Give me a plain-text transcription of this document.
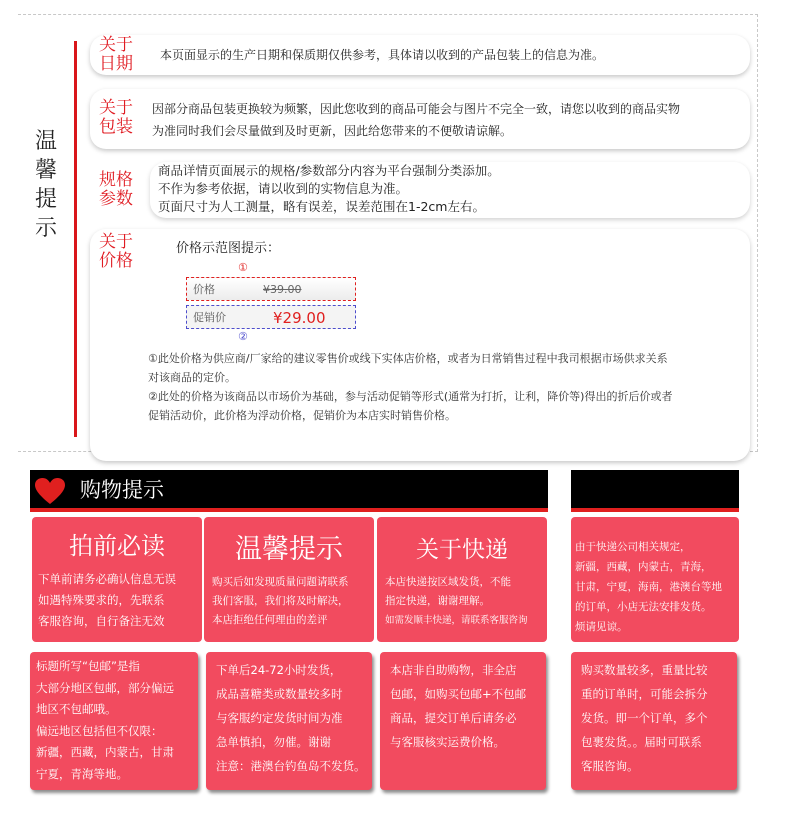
温馨提示
关于
日期 本页面显示的生产日期和保质期仅供参考，具体请以收到的产品包装上的信息为准。
关于
包装
因部分商品包装更换较为频繁，因此您收到的商品可能会与图片不完全一致，请您以收到的商品实物
为准同时我们会尽量做到及时更新，因此给您带来的不便敬请谅解。
规格
参数
商品详情页面展示的规格/参数部分内容为平台强制分类添加。
不作为参考依据，请以收到的实物信息为准。
页面尺寸为人工测量，略有误差，误差范围在1-2cm左右。
关于
价格
价格示范图提示：
①
价格	¥39.00
促销价	¥29.00
②
①此处价格为供应商/厂家给的建议零售价或线下实体店价格，或者为日常销售过程中我司根据市场供求关系
对该商品的定价。
②此处的价格为该商品以市场价为基础，参与活动促销等形式(通常为打折，让利，降价等)得出的折后价或者
促销活动价，此价格为浮动价格，促销价为本店实时销售价格。
购物提示
拍前必读
下单前请务必确认信息无误
如遇特殊要求的，先联系
客服咨询，自行备注无效
温馨提示
购买后如发现质量问题请联系
我们客服，我们将及时解决，
本店拒绝任何理由的差评
关于快递
本店快递按区域发货，不能
指定快递，谢谢理解。
如需发顺丰快递，请联系客服咨询
由于快递公司相关规定，
新疆，西藏，内蒙古，青海，
甘肃，宁夏，海南，港澳台等地
的订单，小店无法安排发货。
烦请见谅。
标题所写“包邮”是指
大部分地区包邮，部分偏远
地区不包邮哦。
偏远地区包括但不仅限：
新疆，西藏，内蒙古，甘肃
宁夏，青海等地。
下单后24-72小时发货，
成品喜糖类或数量较多时
与客服约定发货时间为准
急单慎拍，勿催。谢谢
注意：港澳台钓鱼岛不发货。
本店非自助购物，非全店
包邮，如购买包邮+不包邮
商品，提交订单后请务必
与客服核实运费价格。
购买数量较多，重量比较
重的订单时，可能会拆分
发货。即一个订单，多个
包裹发货。。届时可联系
客服咨询。
